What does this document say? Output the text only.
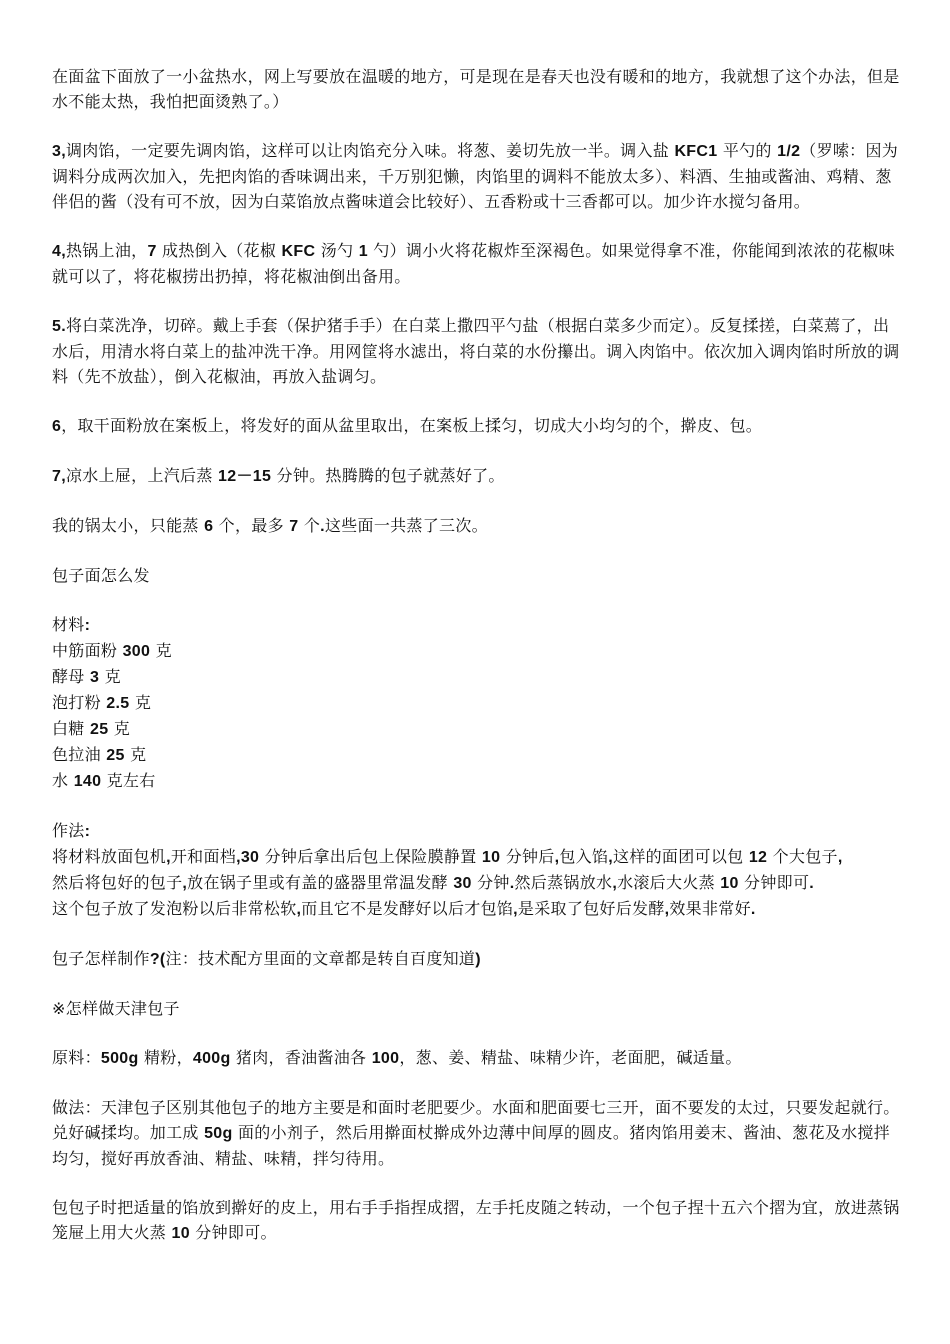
在面盆下面放了一小盆热水，网上写要放在温暖的地方，可是现在是春天也没有暖和的地方，我就想了这个办法，但是水不能太热，我怕把面烫熟了。）

3,调肉馅，一定要先调肉馅，这样可以让肉馅充分入味。将葱、姜切先放一半。调入盐 KFC1 平勺的 1/2（罗嗦：因为调料分成两次加入，先把肉馅的香味调出来，千万别犯懒，肉馅里的调料不能放太多）、料酒、生抽或酱油、鸡精、葱伴侣的酱（没有可不放，因为白菜馅放点酱味道会比较好）、五香粉或十三香都可以。加少许水搅匀备用。

4,热锅上油，7 成热倒入（花椒 KFC 汤勺 1 勺）调小火将花椒炸至深褐色。如果觉得拿不准，你能闻到浓浓的花椒味就可以了，将花椒捞出扔掉，将花椒油倒出备用。

5.将白菜洗净，切碎。戴上手套（保护猪手手）在白菜上撒四平勺盐（根据白菜多少而定）。反复揉搓，白菜蔫了，出水后，用清水将白菜上的盐冲洗干净。用网筐将水滤出，将白菜的水份攥出。调入肉馅中。依次加入调肉馅时所放的调料（先不放盐），倒入花椒油，再放入盐调匀。

6，取干面粉放在案板上，将发好的面从盆里取出，在案板上揉匀，切成大小均匀的个，擀皮、包。

7,凉水上屉，上汽后蒸 12－15 分钟。热腾腾的包子就蒸好了。

我的锅太小，只能蒸 6 个，最多 7 个.这些面一共蒸了三次。

包子面怎么发

材料:
中筋面粉 300 克
酵母 3 克
泡打粉 2.5 克
白糖 25 克
色拉油 25 克
水 140 克左右

作法:

将材料放面包机,开和面档,30 分钟后拿出后包上保险膜静置 10 分钟后,包入馅,这样的面团可以包 12 个大包子,

然后将包好的包子,放在锅子里或有盖的盛器里常温发酵 30 分钟.然后蒸锅放水,水滚后大火蒸 10 分钟即可.

这个包子放了发泡粉以后非常松软,而且它不是发酵好以后才包馅,是采取了包好后发酵,效果非常好.

包子怎样制作?(注：技术配方里面的文章都是转自百度知道)

※怎样做天津包子

原料：500g 精粉，400g 猪肉，香油酱油各 100，葱、姜、精盐、味精少许，老面肥，碱适量。

做法：天津包子区别其他包子的地方主要是和面时老肥要少。水面和肥面要七三开，面不要发的太过，只要发起就行。兑好碱揉均。加工成 50g 面的小剂子，然后用擀面杖擀成外边薄中间厚的圆皮。猪肉馅用姜末、酱油、葱花及水搅拌均匀，搅好再放香油、精盐、味精，拌匀待用。

包包子时把适量的馅放到擀好的皮上，用右手手指捏成摺，左手托皮随之转动，一个包子捏十五六个摺为宜，放进蒸锅笼屉上用大火蒸 10 分钟即可。
